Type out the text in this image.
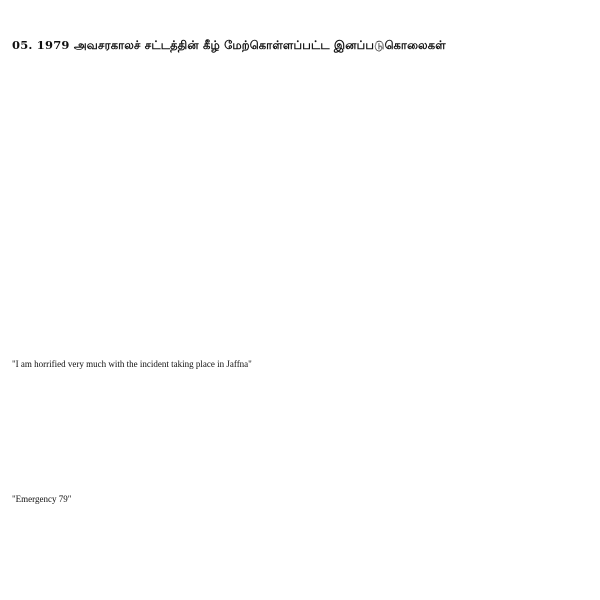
05. 1979 அவசரகாலச் சட்டத்தின் கீழ் மேற்கொள்ளப்பட்ட இனப்படுகொலைகள்

"I am horrified very much with the incident taking place in Jaffna"

"Emergency 79"
